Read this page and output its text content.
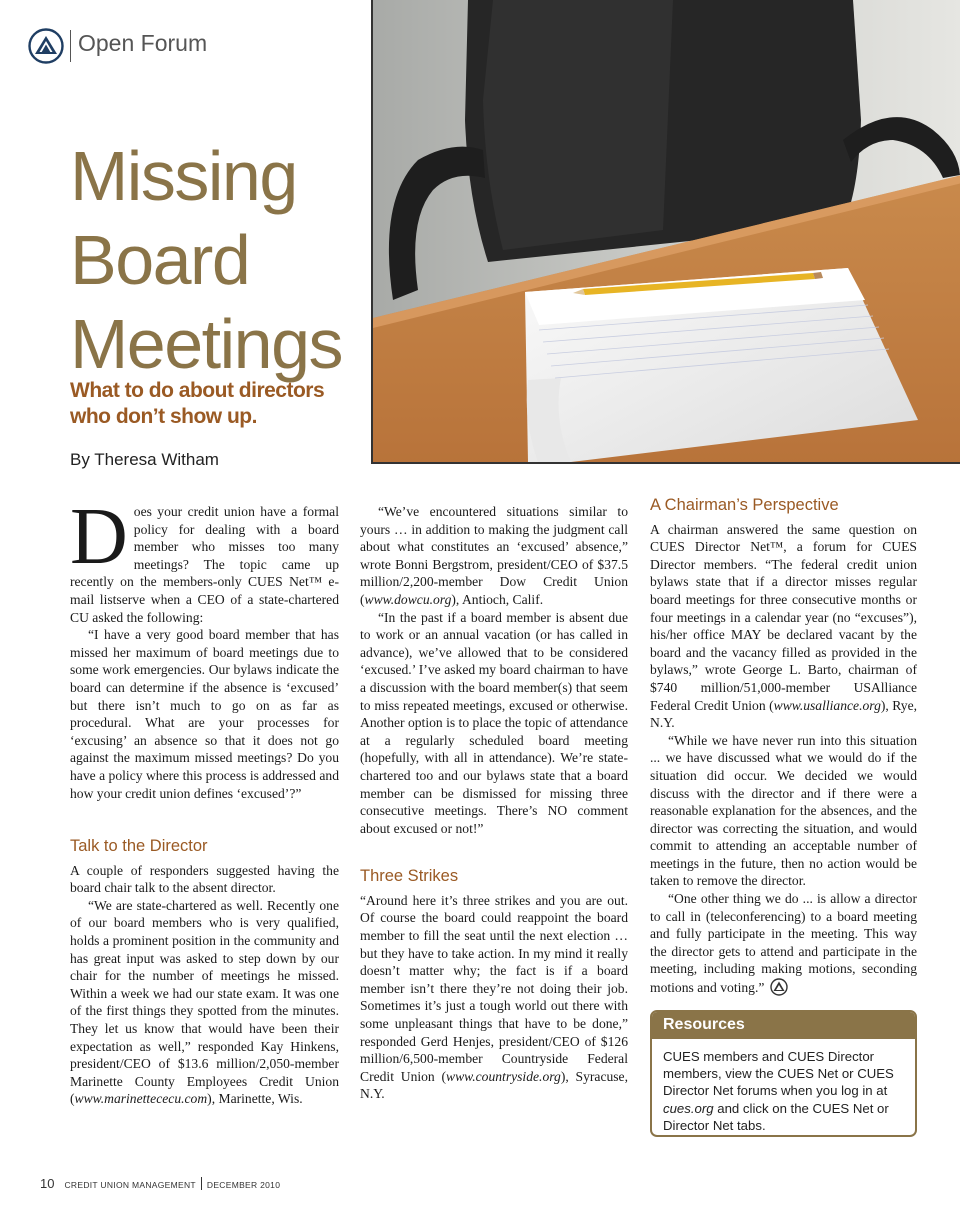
Open Forum
Missing
Board
Meetings
What to do about directors
who don’t show up.
By Theresa Witham

Does your credit union have a formal policy for dealing with a board member who misses too many meetings? The topic came up recently on the members-only CUES Net™ e-mail listserve when a CEO of a state-chartered CU asked the following:

“I have a very good board member that has missed her maximum of board meetings due to some work emergencies. Our bylaws indicate the board can determine if the absence is ‘excused’ but there isn’t much to go on as far as procedural. What are your processes for ‘excusing’ an absence so that it does not go against the maximum missed meetings? Do you have a policy where this process is addressed and how your credit union defines ‘excused’?”

Talk to the Director

A couple of responders suggested having the board chair talk to the absent director.

“We are state-chartered as well. Recently one of our board members who is very qualified, holds a prominent position in the community and has great input was asked to step down by our chair for the number of meetings he missed. Within a week we had our state exam. It was one of the first things they spotted from the minutes. They let us know that would have been their expectation as well,” responded Kay Hinkens, president/CEO of $13.6 million/2,050-member Marinette County Employees Credit Union (www.marinettececu.com), Marinette, Wis.

“We’ve encountered situations similar to yours … in addition to making the judgment call about what constitutes an ‘excused’ absence,” wrote Bonni Bergstrom, president/CEO of $37.5 million/2,200-member Dow Credit Union (www.dowcu.org), Antioch, Calif.

“In the past if a board member is absent due to work or an annual vacation (or has called in advance), we’ve allowed that to be considered ‘excused.’ I’ve asked my board chairman to have a discussion with the board member(s) that seem to miss repeated meetings, excused or otherwise. Another option is to place the topic of attendance at a regularly scheduled board meeting (hopefully, with all in attendance). We’re state-chartered too and our bylaws state that a board member can be dismissed for missing three consecutive meetings. There’s NO comment about excused or not!”

Three Strikes

“Around here it’s three strikes and you are out. Of course the board could reappoint the board member to fill the seat until the next election … but they have to take action. In my mind it really doesn’t matter why; the fact is if a board member isn’t there they’re not doing their job. Sometimes it’s just a tough world out there with some unpleasant things that have to be done,” responded Gerd Henjes, president/CEO of $126 million/6,500-member Countryside Federal Credit Union (www.countryside.org), Syracuse, N.Y.

A Chairman’s Perspective

A chairman answered the same question on CUES Director Net™, a forum for CUES Director members. “The federal credit union bylaws state that if a director misses regular board meetings for three consecutive months or four meetings in a calendar year (no “excuses”), his/her office MAY be declared vacant by the board and the vacancy filled as provided in the bylaws,” wrote George L. Barto, chairman of $740 million/51,000-member USAlliance Federal Credit Union (www.usalliance.org), Rye, N.Y.

“While we have never run into this situation ... we have discussed what we would do if the situation did occur. We decided we would discuss with the director and if there were a reasonable explanation for the absences, and the director was correcting the situation, and would commit to attending an acceptable number of meetings in the future, then no action would be taken to remove the director.

“One other thing we do ... is allow a director to call in (teleconferencing) to a board meeting and fully participate in the meeting. This way the director gets to attend and participate in the meeting, including making motions, seconding motions and voting.”

Resources
CUES members and CUES Director members, view the CUES Net or CUES Director Net forums when you log in at cues.org and click on the CUES Net or Director Net tabs.
10 CREDIT UNION MANAGEMENT DECEMBER 2010
